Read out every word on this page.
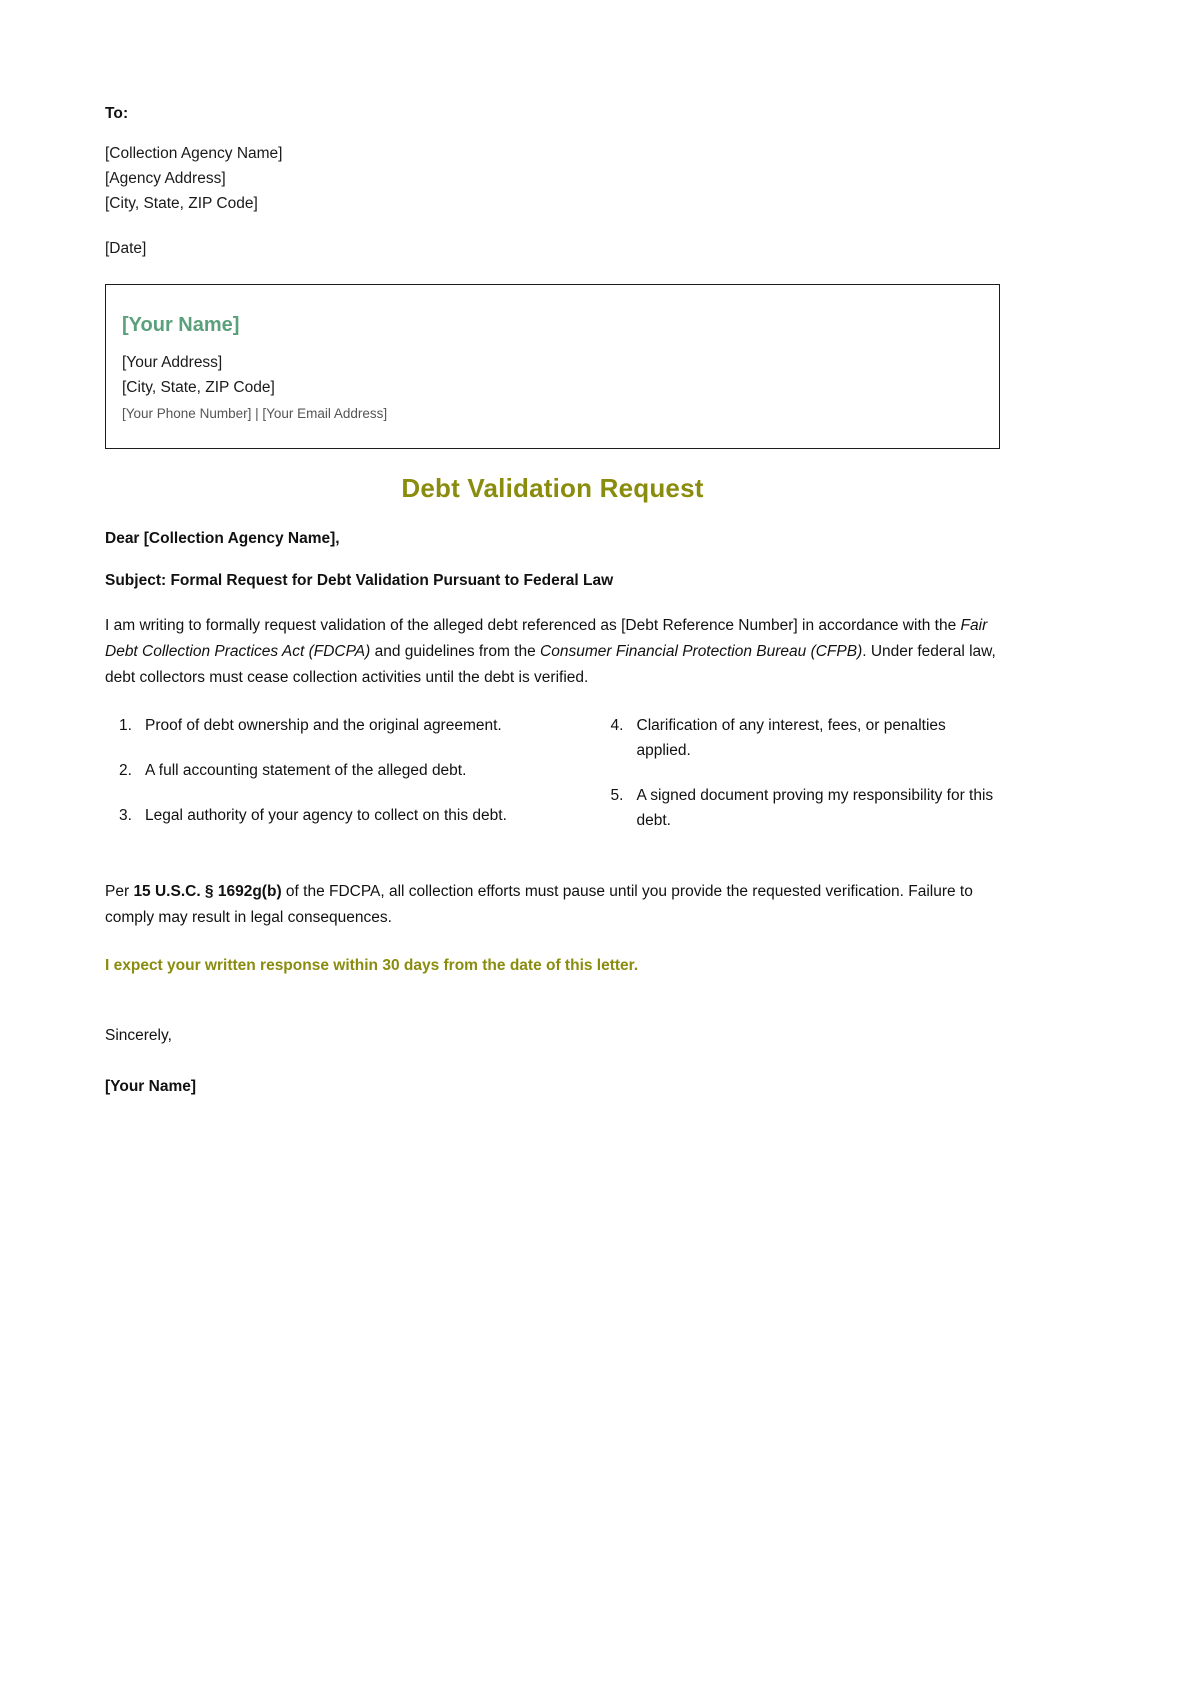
To:
[Collection Agency Name]
[Agency Address]
[City, State, ZIP Code]
[Date]
[Your Name]
[Your Address]
[City, State, ZIP Code]
[Your Phone Number] | [Your Email Address]
Debt Validation Request
Dear [Collection Agency Name],
Subject: Formal Request for Debt Validation Pursuant to Federal Law

I am writing to formally request validation of the alleged debt referenced as [Debt Reference Number] in accordance with the Fair Debt Collection Practices Act (FDCPA) and guidelines from the Consumer Financial Protection Bureau (CFPB). Under federal law, debt collectors must cease collection activities until the debt is verified.

1. Proof of debt ownership and the original agreement.
2. A full accounting statement of the alleged debt.
3. Legal authority of your agency to collect on this debt.
4. Clarification of any interest, fees, or penalties applied.
5. A signed document proving my responsibility for this debt.

Per 15 U.S.C. § 1692g(b) of the FDCPA, all collection efforts must pause until you provide the requested verification. Failure to comply may result in legal consequences.

I expect your written response within 30 days from the date of this letter.
Sincerely,
[Your Name]
